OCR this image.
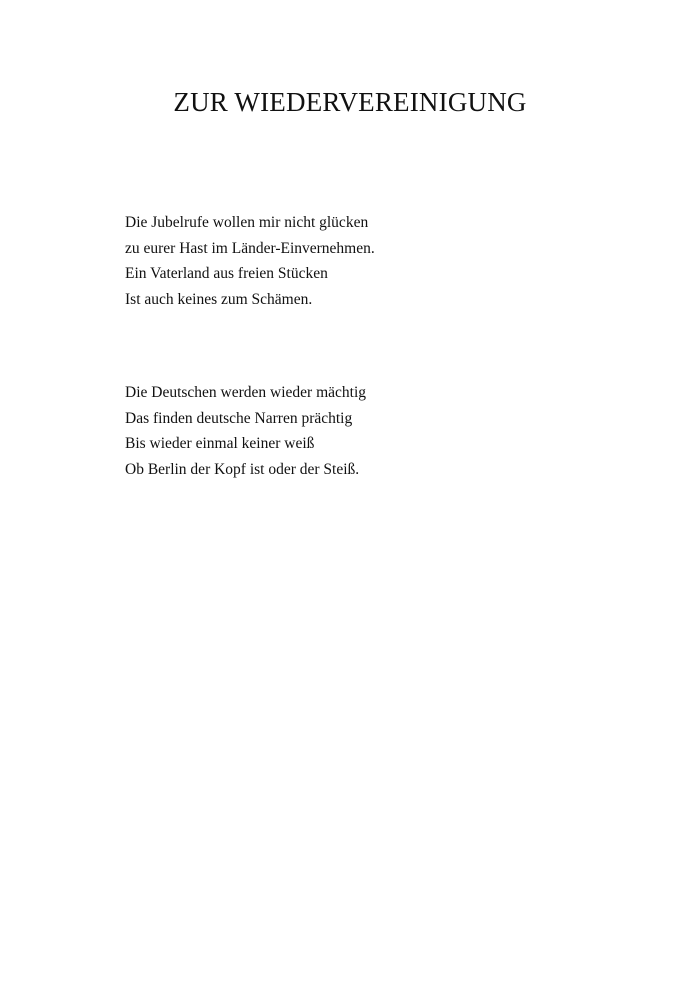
ZUR WIEDERVEREINIGUNG
Die Jubelrufe wollen mir nicht glücken
zu eurer Hast im Länder-Einvernehmen.
Ein Vaterland aus freien Stücken
Ist auch keines zum Schämen.
Die Deutschen werden wieder mächtig
Das finden deutsche Narren prächtig
Bis wieder einmal keiner weiß
Ob Berlin der Kopf ist oder der Steiß.
